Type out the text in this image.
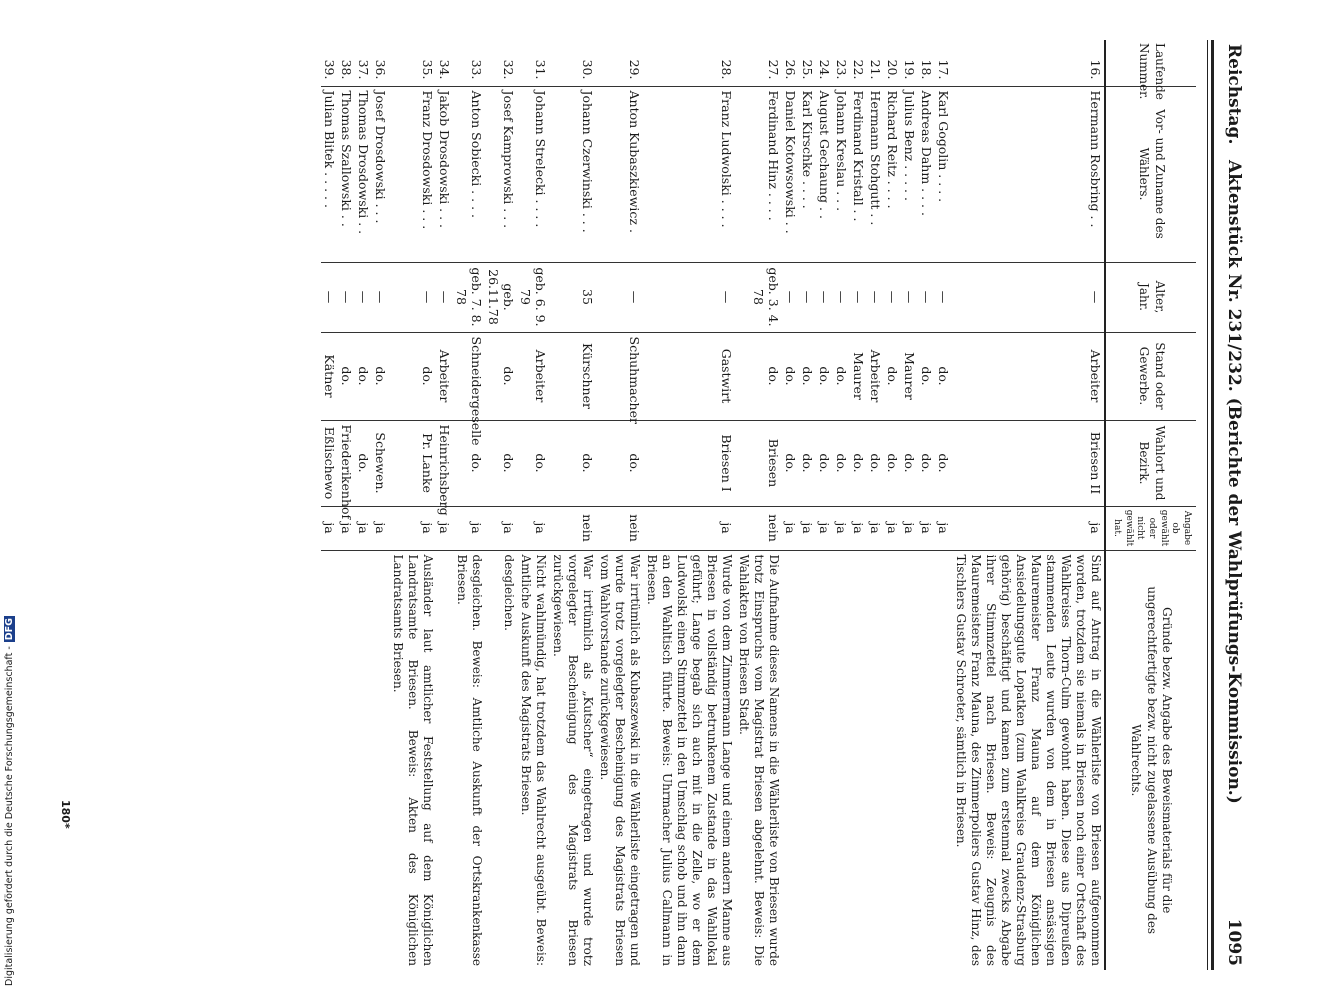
Reichstag.
Aktenstück Nr. 231/232. (Berichte der Wahlprüfungs-Kommission.)
1095
Laufende Nummer.	Vor- und Zuname des Wählers.	Alter, Jahr.	Stand oder Gewerbe.	Wahlort und Bezirk.	Angabe ob gewählt oder nicht gewählt hat.	Gründe bezw. Angabe des Beweismaterials für die ungerechtfertigte bezw. nicht zugelassene Ausübung des Wahlrechts.
16.	Hermann Rosbring . .	—	Arbeiter	Briesen II	ja	Sind auf Antrag in die Wählerliste von Briesen aufgenommen worden, trotzdem sie niemals in Briesen noch einer Ortschaft des Wahlkreises Thorn-Culm gewohnt haben. Diese aus Dipreußen stammenden Leute wurden von dem in Briesen ansässigen Mauremeister Franz Mauna auf dem Königlichen Ansiedelungsgute Lopatken (zum Wahlkreise Graudenz-Strasburg gehörig) beschäftigt und kamen zum erstenmal zwecks Abgabe ihrer Stimmzettel nach Briesen. Beweis: Zeugnis des Mauremeisters Franz Mauna, des Zimmerpoliers Gustav Hinz, des Tischlers Gustav Schroeter, sämtlich in Briesen.
17.	Karl Gogolin . . . .	—	do.	do.	ja	
18.	Andreas Dahm . . . .	—	do.	do.	ja	
19.	Julius Benz . . . . .	—	Maurer	do.	ja	
20.	Richard Reitz . . . .	—	do.	do.	ja	
21.	Hermann Stohgutt . .	—	Arbeiter	do.	ja	
22.	Ferdinand Kristall . .	—	Maurer	do.	ja	
23.	Johann Kreslau . . .	—	do.	do.	ja	
24.	August Gechaung . .	—	do.	do.	ja	
25.	Karl Kirschke . . . .	—	do.	do.	ja	
26.	Daniel Kotowsowski . .	—	do.	do.	ja	
27.	Ferdinand Hinz . . . .	geb. 3. 4. 78	do.	Briesen	nein	Die Aufnahme dieses Namens in die Wählerliste von Briesen wurde trotz Einspruchs vom Magistrat Briesen abgelehnt. Beweis: Die Wahlakten von Briesen Stadt.
28.	Franz Ludwolski . . . .	—	Gastwirt	Briesen I	ja	Wurde von dem Zimmermann Lange und einem andern Manne aus Briesen in vollständig betrunkenem Zustande in das Wahllokal geführt; Lange begab sich auch mit in die Zelle, wo er dem Ludwolski einen Stimmzettel in den Umschlag schob und ihn dann an den Wahltisch führte. Beweis: Uhrmacher Julius Callmann in Briesen.
29.	Anton Kubaszkiewicz .	—	Schuhmacher	do.	nein	War irrtümlich als Kubaszewski in die Wählerliste eingetragen und wurde trotz vorgelegter Bescheinigung des Magistrats Briesen vom Wahlvorstande zurückgewiesen.
30.	Johann Czerwinski . . .	35	Kürschner	do.	nein	War irrtümlich als „Kutscher“ eingetragen und wurde trotz vorgelegter Bescheinigung des Magistrats Briesen zurückgewiesen.
31.	Johann Strelecki . . . .	geb. 6. 9. 79	Arbeiter	do.	ja	Nicht wahlmündig, hat trotzdem das Wahlrecht ausgeübt. Beweis: Amtliche Auskunft des Magistrats Briesen.
32.	Josef Kamprowski . . .	geb. 26.11.78	do.	do.	ja	desgleichen.
33.	Anton Sobiecki . . . .	geb. 7. 8. 78	Schneidergeselle	do.	ja	desgleichen. Beweis: Amtliche Auskunft der Ortskrankenkasse Briesen.
34.	Jakob Drosdowski . . .	—	Arbeiter	Heinrichsberg	ja	
35.	Franz Drosdowski . . .	—	do.	Pr. Lanke	ja	Ausländer laut amtlicher Feststellung auf dem Königlichen Landratsamte Briesen. Beweis: Akten des Königlichen Landratsamts Briesen.
36.	Josef Drosdowski . . .	—	do.	Schewen.	ja	
37.	Thomas Drosdowski . .	—	do.	do.	ja	
38.	Thomas Szallowski . .	—	do.	Friederikenhof	ja	
39.	Julian Blitek . . . . .	—	Kätner	Eßlischewo	ja	
180*
Digitalisierung gefördert durch die Deutsche Forschungsgemeinschaft -DFG
